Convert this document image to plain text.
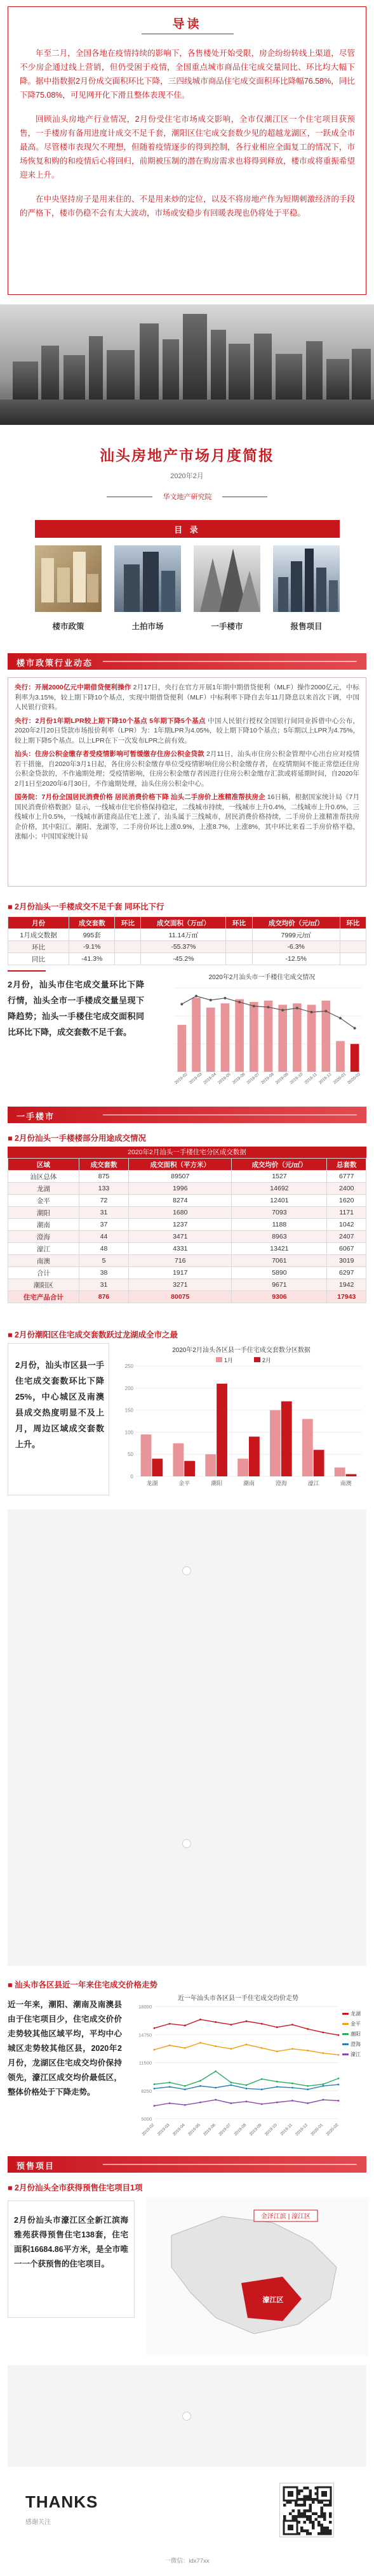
导读

年至二月，全国各地在疫情持续的影响下，各售楼处开始受限，房企纷纷转线上渠道，尽管不少房企通过线上营销，但仍受困于疫情，全国重点城市商品住宅成交量同比、环比均大幅下降。据中指数据2月份成交面积环比下降，三四线城市商品住宅成交面积环比降幅76.58%，同比下降75.08%，可见网开化下滑且整体表现不佳。

回顾汕头房地产行业情况，2月份受住宅市场成交影响，全市仅潮江区一个住宅项目获预售，一手楼房有备用进度计成交不足千套，潮阳区住宅成交套数少见的超越龙湖区，一跃成全市最高。尽管楼市表现欠不理想，但随着疫情逐步的得到控制，各行业相应全面复工的情况下，市场恢复和购的和疫情后心将回归，前期被压制的潜在购房需求也将得到释放，楼市或将重振希望迎来上升。

在中央坚持房子是用来住的、不是用来炒的定位，以及不将房地产作为短期刺激经济的手段的严格下，楼市仍稳不会有太大波动，市场或安稳步有回暖表现也仍将处于平稳。

汕头房地产市场月度简报
2020年2月
华文地产研究院
目 录
楼市政策	土拍市场	一手楼市	报售项目
楼市政策行业动态
央行：开展2000亿元中期借贷便利操作 2月17日，央行在官方开展1年期中期借贷便利（MLF）操作2000亿元，中标利率为3.15%，较上期下降10个基点，实现中期借贷便利（MLF）中标利率下降自去年11月降息以来首次下调，中国人民银行资料。
央行：2月份1年期LPR较上期下降10个基点 5年期下降5个基点 中国人民银行授权全国银行间同业拆借中心公布，2020年2月20日贷款市场报价利率（LPR）为：1年期LPR为4.05%，较上期下降10个基点；5年期以上LPR为4.75%，较上期下降5个基点。以上LPR在下一次发布LPR之前有效。
汕头：住房公积金缴存者受疫情影响可暂缓缴存住房公积金贷款 2月11日，汕头市住房公积金管理中心出台应对疫情若干措施，自2020年3月1日起，各住房公积金缴存单位受疫情影响住房公积金缴存者，在疫情期间不能正常偿还住房公积金贷款的，不作逾期处理；受疫情影响，住房公积金缴存者因进行住房公积金缴存汇款或将延期时间，自2020年2月1日至2020年6月30日，不作逾期处理，汕头住房公积金中心。
国务院：7月份全国居民消费价格 居民消费价格下降 汕头二手房价上涨精准帮扶房企 16日稿，根据国家统计局《7月国民消费价格数据》显示，一线城市住宅价格保持稳定，二线城市持续，一线城市上升0.4%，二线城市上升0.6%，三线城市上升0.5%，一线城市新建商品住宅上涨了，汕头属于三线城市，居民消费价格持续，二手房价上涨精准帮扶房企价格，其中阳江、潮阳、龙湖等，二手房价环比上涨0.9%，上涨8.7%，上涨8%，其中环比来看二手房价格平稳，涨幅小；中国国家统计局
■ 2月份汕头一手楼成交不足千套 同环比下行
月份	成交套数	环比	成交面积（万㎡）	环比	成交均价（元/㎡）	环比
1月成交数据	995套		11.14万㎡		7999元/㎡	
环比	-9.1%		-55.37%		-6.3%	
同比	-41.3%		-45.2%		-12.5%	
2月份，汕头市住宅成交量环比下降行情，汕头全市一手楼成交量呈现下降趋势；汕头一手楼住宅成交面积同比环比下降，成交套数不足千套。
2020年2月汕头市一手楼住宅成交情况
2019-02 2019-03 2019-04 2019-05 2019-06 2019-07 2019-08 2019-09 2019-10 2019-11 2019-12 2020-01 2020-02
一手楼市
■ 2月份汕头一手楼楼部分用途成交情况
2020年2月汕头一手楼住宅分区成交数据
区域	成交套数	成交面积（平方米）	成交均价（元/㎡）	总套数
汕区总体	875	89507	1527	6777
龙湖	133	1996	14692	2400
金平	72	8274	12401	1620
潮阳	31	1680	7093	1171
潮南	37	1237	1188	1042
澄海	44	3471	8963	2407
濠江	48	4331	13421	6067
南澳	5	716	7061	3019
合计	38	1917	5890	6297
潮阳区	31	3271	9671	1942
住宅产品合计	876	80075	9306	17943
■ 2月份潮阳区住宅成交套数跃过龙湖成全市之最
2月份，汕头市区县一手住宅成交套数环比下降25%，中心城区及南澳县成交热度明显不及上月，周边区域成交套数上升。
2020年2月汕头各区县一手住宅成交套数分区数据
1月	2月
250
200
150
100
50
0
龙湖	金平	潮阳	潮南	澄海	濠江	南澳
■ 汕头市各区县近一年来住宅成交价格走势
近一年来，潮阳、潮南及南澳县由于住宅项目少，住宅成交价价走势较其他区域平均，平均中心城区走势较其他区县，2020年2月份，龙湖区住宅成交均价保持领先，濠江区成交均价最低区，整体价格处于下降走势。
近一年汕头市各区县一手住宅成交均价走势
18000
14750
11500
8250
5000
龙湖
金平
潮阳
澄海
濠江
2019-02 2019-03 2019-04 2019-05 2019-06 2019-07 2019-08 2019-09 2019-10 2019-11 2019-12 2020-01 2020-02
预售项目
■ 2月份汕头全市获得预售住宅项目1项
2月份汕头市濠江区全新江滨海雅苑获得预售住宅138套，住宅面积16684.86平方米，是全市唯一一个获预售的住宅项目。
金泽江滨 | 濠江区
濠江区
THANKS
感谢关注
一微信：idx77xx
